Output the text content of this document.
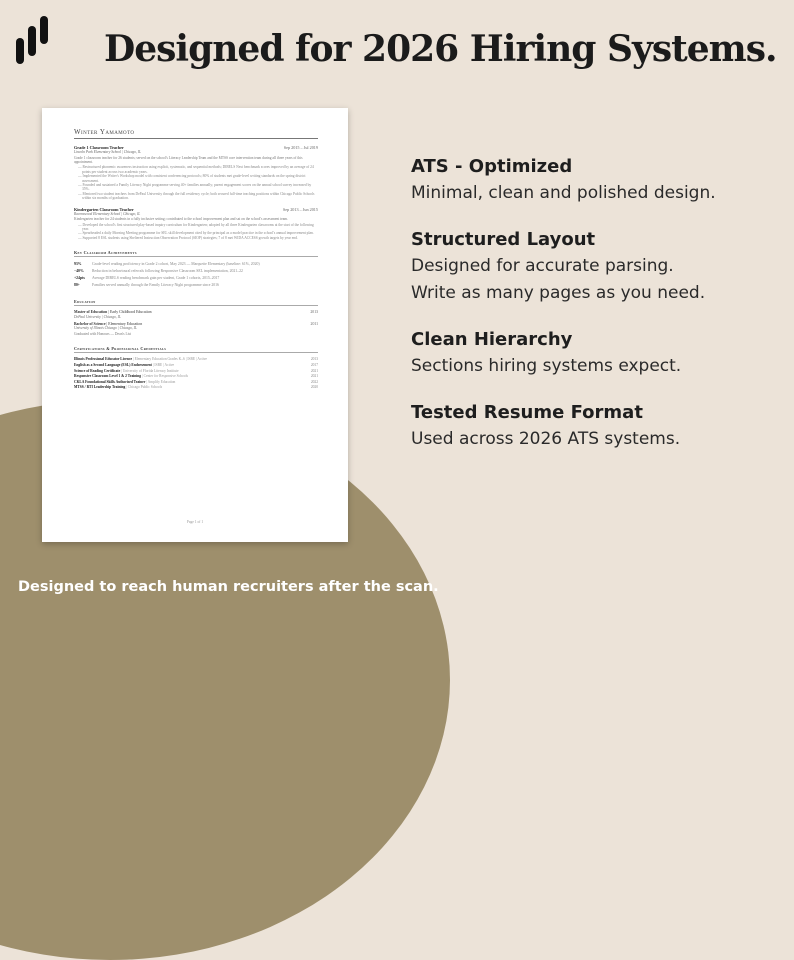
Designed for 2026 Hiring Systems.
Winter Yamamoto
Grade 1 Classroom Teacher	Sep 2015 – Jul 2019
Lincoln Park Elementary School | Chicago, IL
Grade 1 classroom teacher for 26 students; served on the school's Literacy Leadership Team and the MTSS core intervention team during all three years of this appointment.
— Restructured phonemic awareness instruction using explicit, systematic, and sequential methods; DIBELS Next benchmark scores improved by an average of 24 points per student across two academic years.
— Implemented the Writer's Workshop model with consistent conferencing protocols; 80% of students met grade-level writing standards on the spring district assessment.
— Founded and sustained a Family Literacy Night programme serving 40+ families annually; parent engagement scores on the annual school survey increased by 35%.
— Mentored two student teachers from DePaul University through the full residency cycle; both secured full-time teaching positions within Chicago Public Schools within six months of graduation.
Kindergarten Classroom Teacher	Sep 2013 – Jun 2015
Ravenswood Elementary School | Chicago, IL
Kindergarten teacher for 24 students in a fully inclusive setting; contributed to the school improvement plan and sat on the school's assessment team.
— Developed the school's first structured play-based inquiry curriculum for Kindergarten; adopted by all three Kindergarten classrooms at the start of the following year.
— Spearheaded a daily Morning Meeting programme for SEL skill development cited by the principal as a model practice in the school's annual improvement plan.
— Supported 8 ESL students using Sheltered Instruction Observation Protocol (SIOP) strategies; 7 of 8 met WIDA ACCESS growth targets by year end.
Key Classroom Achievements
93%	Grade-level reading proficiency in Grade 2 cohort, May 2023 — Marquette Elementary (baseline: 61%, 2020)
−40%	Reduction in behavioural referrals following Responsive Classroom SEL implementation, 2021–22
+24pts	Average DIBELS reading benchmark gain per student, Grade 1 cohorts, 2015–2017
80+	Families served annually through the Family Literacy Night programme since 2016
Education
Master of Education | Early Childhood Education	2013
DePaul University | Chicago, IL
Bachelor of Science | Elementary Education	2011
University of Illinois Chicago | Chicago, IL
Graduated with Honours — Dean's List
Certifications & Professional Credentials
Illinois Professional Educator Licence | Elementary Education Grades K–6 | ISBE | Active	2013
English as a Second Language (ESL) Endorsement | ISBE | Active	2017
Science of Reading Certificate | University of Florida Literacy Institute	2021
Responsive Classroom Level 1 & 2 Training | Center for Responsive Schools	2021
CKLA Foundational Skills Authorised Trainer | Amplify Education	2022
MTSS / RTI Leadership Training | Chicago Public Schools	2020
Page 1 of 1
ATS - Optimized

Minimal, clean and polished design.

Structured Layout

Designed for accurate parsing.

Write as many pages as you need.

Clean Hierarchy

Sections hiring systems expect.

Tested Resume Format

Used across 2026 ATS systems.

Designed to reach human recruiters after the scan.
